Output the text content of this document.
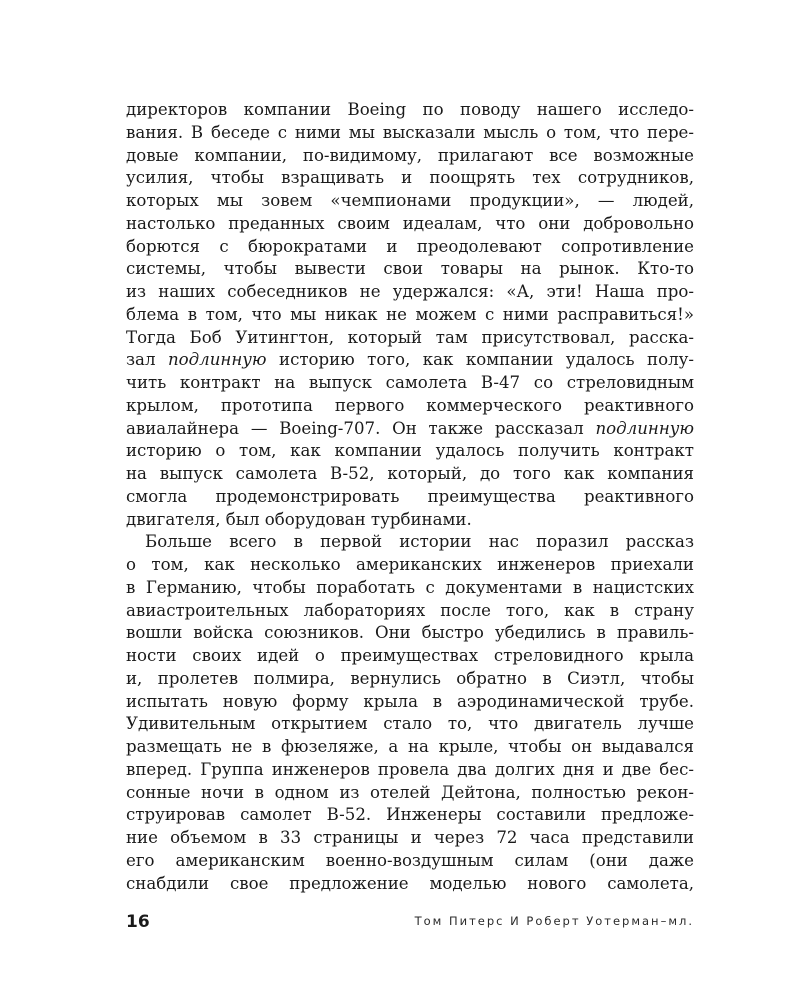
директоров компании Boeing по поводу нашего исследо-
вания. В беседе с ними мы высказали мысль о том, что пере-
довые компании, по-видимому, прилагают все возможные
усилия, чтобы взращивать и поощрять тех сотрудников,
которых мы зовем «чемпионами продукции», — людей,
настолько преданных своим идеалам, что они добровольно
борются с бюрократами и преодолевают сопротивление
системы, чтобы вывести свои товары на рынок. Кто-то
из наших собеседников не удержался: «А, эти! Наша про-
блема в том, что мы никак не можем с ними расправиться!»
Тогда Боб Уитингтон, который там присутствовал, расска-
зал подлинную историю того, как компании удалось полу-
чить контракт на выпуск самолета B-47 со стреловидным
крылом, прототипа первого коммерческого реактивного
авиалайнера — Boeing-707. Он также рассказал подлинную
историю о том, как компании удалось получить контракт
на выпуск самолета B-52, который, до того как компания
смогла продемонстрировать преимущества реактивного
двигателя, был оборудован турбинами.
Больше всего в первой истории нас поразил рассказ
о том, как несколько американских инженеров приехали
в Германию, чтобы поработать с документами в нацистских
авиастроительных лабораториях после того, как в страну
вошли войска союзников. Они быстро убедились в правиль-
ности своих идей о преимуществах стреловидного крыла
и, пролетев полмира, вернулись обратно в Сиэтл, чтобы
испытать новую форму крыла в аэродинамической трубе.
Удивительным открытием стало то, что двигатель лучше
размещать не в фюзеляже, а на крыле, чтобы он выдавался
вперед. Группа инженеров провела два долгих дня и две бес-
сонные ночи в одном из отелей Дейтона, полностью рекон-
струировав самолет B-52. Инженеры составили предложе-
ние объемом в 33 страницы и через 72 часа представили
его американским военно-воздушным силам (они даже
снабдили свое предложение моделью нового самолета,
16	Том Питерс И Роберт Уотерман–мл.
